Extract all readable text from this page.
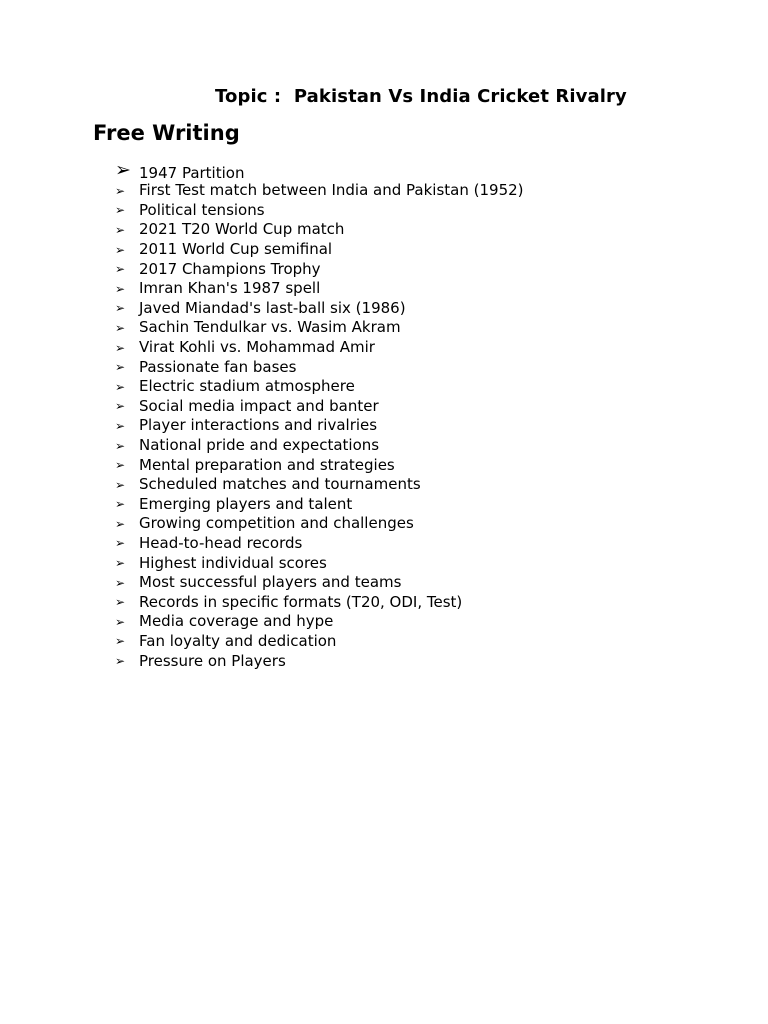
Topic :  Pakistan Vs India Cricket Rivalry
Free Writing
➢ 1947 Partition
➢ First Test match between India and Pakistan (1952)
➢ Political tensions
➢ 2021 T20 World Cup match
➢ 2011 World Cup semifinal
➢ 2017 Champions Trophy
➢ Imran Khan's 1987 spell
➢ Javed Miandad's last-ball six (1986)
➢ Sachin Tendulkar vs. Wasim Akram
➢ Virat Kohli vs. Mohammad Amir
➢ Passionate fan bases
➢ Electric stadium atmosphere
➢ Social media impact and banter
➢ Player interactions and rivalries
➢ National pride and expectations
➢ Mental preparation and strategies
➢ Scheduled matches and tournaments
➢ Emerging players and talent
➢ Growing competition and challenges
➢ Head-to-head records
➢ Highest individual scores
➢ Most successful players and teams
➢ Records in specific formats (T20, ODI, Test)
➢ Media coverage and hype
➢ Fan loyalty and dedication
➢ Pressure on Players
